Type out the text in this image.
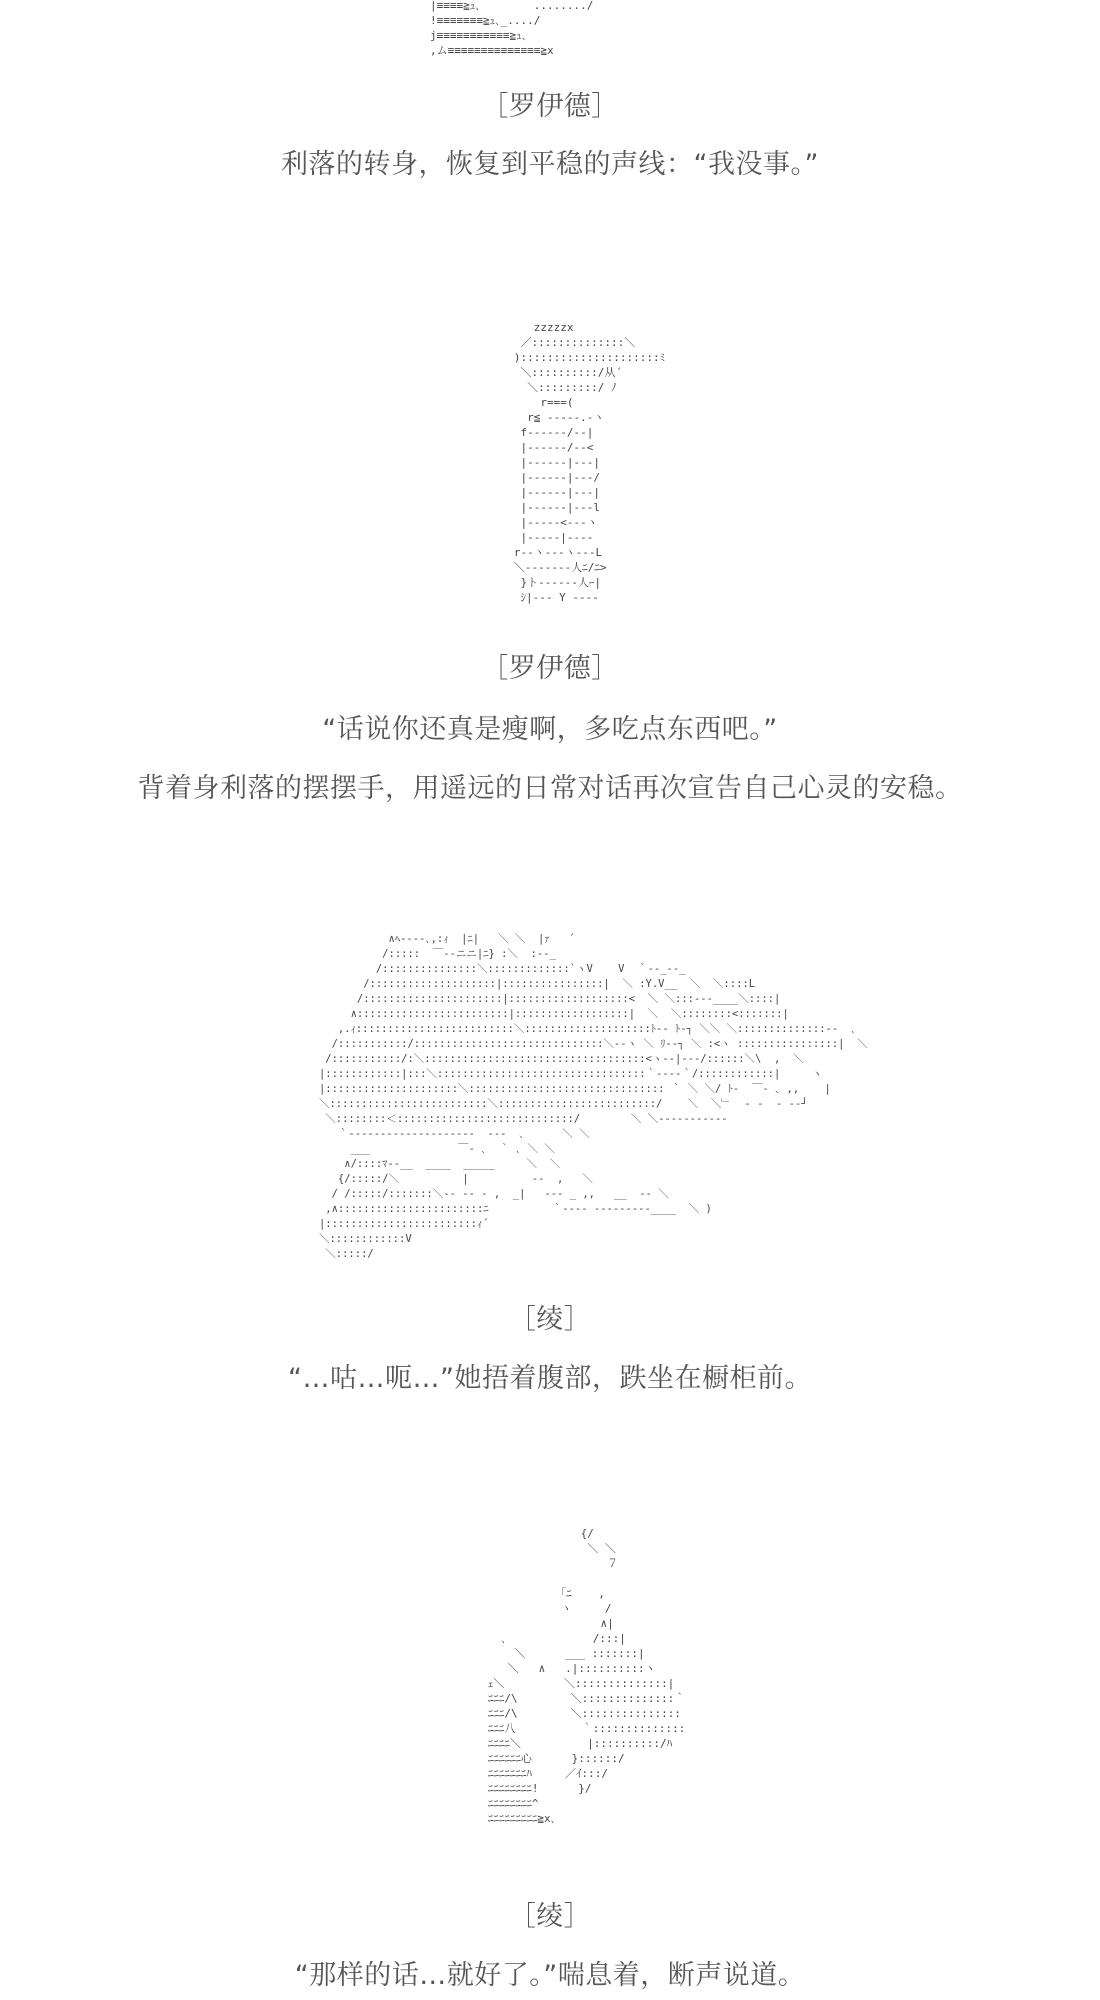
|≡≡≡≡≧ｭ､        ......../
!≡≡≡≡≡≡≡≧ｭ､_..../
j≡≡≡≡≡≡≡≡≡≡≡≧ｭ､
,ム≡≡≡≡≡≡≡≡≡≡≡≡≡≡≧x
［罗伊德］
利落的转身，恢复到平稳的声线：“我没事。”
zzzzzx
／::::::::::::::＼
):::::::::::::::::::::ﾐ
＼::::::::::/从´
＼:::::::::/ ﾉ
r===(
r≦ -‐-‐‐.-ヽ
f‐-‐-‐‐/‐‐|
|‐‐‐‐‐‐/‐‐<
|‐‐‐‐‐‐|‐‐‐|
|‐‐‐‐‐‐|‐‐‐/
|‐‐‐‐‐‐|‐‐‐|
|‐‐‐‐‐‐|‐‐‐l
|‐‐‐‐‐<‐‐‐ヽ
|‐‐‐‐‐|‐‐‐‐
r‐‐ヽ‐‐‐ヽ‐‐‐L
＼‐‐‐‐‐‐‐人ﾆ/ﾆ>
}ト‐‐‐‐‐‐人ｰ|
ｼ|‐‐‐ Y ‐‐‐‐
［罗伊德］
“话说你还真是瘦啊，多吃点东西吧。”
背着身利落的摆摆手，用遥远的日常对话再次宣告自己心灵的安稳。
∧ﾍ‐---､,:ｨ  |ﾆ|   ＼ ＼  |ｧ   ´
/:::::  ￣‐-ニニ|ﾆ} :＼  :‐-_
/:::::::::::::::＼:::::::::::::`ヽV    V  ｀‐-_‐-_
/::::::::::::::::::::|::::::::::::::::|  ＼ :Y.V__  ＼  ＼::::L
/::::::::::::::::::::::|:::::::::::::::::::<  ＼ ＼:::‐‐-____＼::::|
∧::::::::::::::::::::::::|::::::::::::::::::|  ＼  ＼::::::::<:::::::|
,.ｨ:::::::::::::::::::::::::＼::::::::::::::::::::ﾄ-- ﾄ-┐ ＼＼ ＼::::::::::::::‐-  ､
/:::::::::::/::::::::::::::::::::::::::::::＼‐-ヽ ＼ ﾘ‐‐┐ ＼ :<ヽ ::::::::::::::::|  ＼
/:::::::::::/:＼:::::::::::::::::::::::::::::::::::<ヽ--|‐-‐/::::::＼\  ,  ＼
|::::::::::::|:::＼:::::::::::::::::::::::::::::::::｀‐-‐-｀/::::::::::::|     ヽ
|:::::::::::::::::::::＼::::::::::::::::::::::::::::::: ｀ ＼ ＼/ ﾄ‐  ￣‐ ､ ,,    |
＼:::::::::::::::::::::::::＼:::::::::::::::::::::::::/    ＼  ＼﹂  ‐ -  ‐ ‐-┘
＼::::::::＜::::::::::::::::::::::::::::/        ＼ ＼‐‐‐‐‐‐‐‐‐‐‐
｀‐-‐-‐‐-‐‐-‐‐-‐‐-‐‐‐‐  ‐-‐  ､      ＼ ＼
___              ￣‐ ､  ｀ ､ ＼ ＼
∧/::::ﾏ‐-__  ____  _____     ＼  ＼
{/:::::/＼          |          ‐‐  ,   ＼
/ /:::::/:::::::＼-- -- ‐ ,  _|   ‐‐‐ _ ,,   __  ‐‐ ＼
,∧:::::::::::::::::::::::ﾆ          ｀‐-‐‐ ‐-‐-‐‐‐--____  ＼ )
|::::::::::::::::::::::::ｨ´
＼::::::::::::V
＼:::::/
［绫］
“…咕…呃…”她捂着腹部，跌坐在橱柜前。
{/
＼ ＼
７

｢ﾆ    ,
ヽ     /
∧|
､             /:::|
＼      ___ :::::::|
＼   ∧   .|::::::::::ヽ
ｪ＼         ＼::::::::::::::|
ﾆﾆﾆ/\        ＼::::::::::::::｀
ﾆﾆﾆ/\        ＼:::::::::::::::
ﾆﾆﾆ八          ｀::::::::::::::
ﾆﾆﾆﾆ＼          |::::::::::/ﾊ
ﾆﾆﾆﾆﾆﾆ心      }::::::/
ﾆﾆﾆﾆﾆﾆﾆﾊ     ／ｲ:::/
ﾆﾆﾆﾆﾆﾆﾆﾆ!      }/
ﾆﾆﾆﾆﾆﾆﾆﾆ^
ﾆﾆﾆﾆﾆﾆﾆﾆﾆ≧x､
［绫］
“那样的话…就好了。”喘息着，断声说道。
